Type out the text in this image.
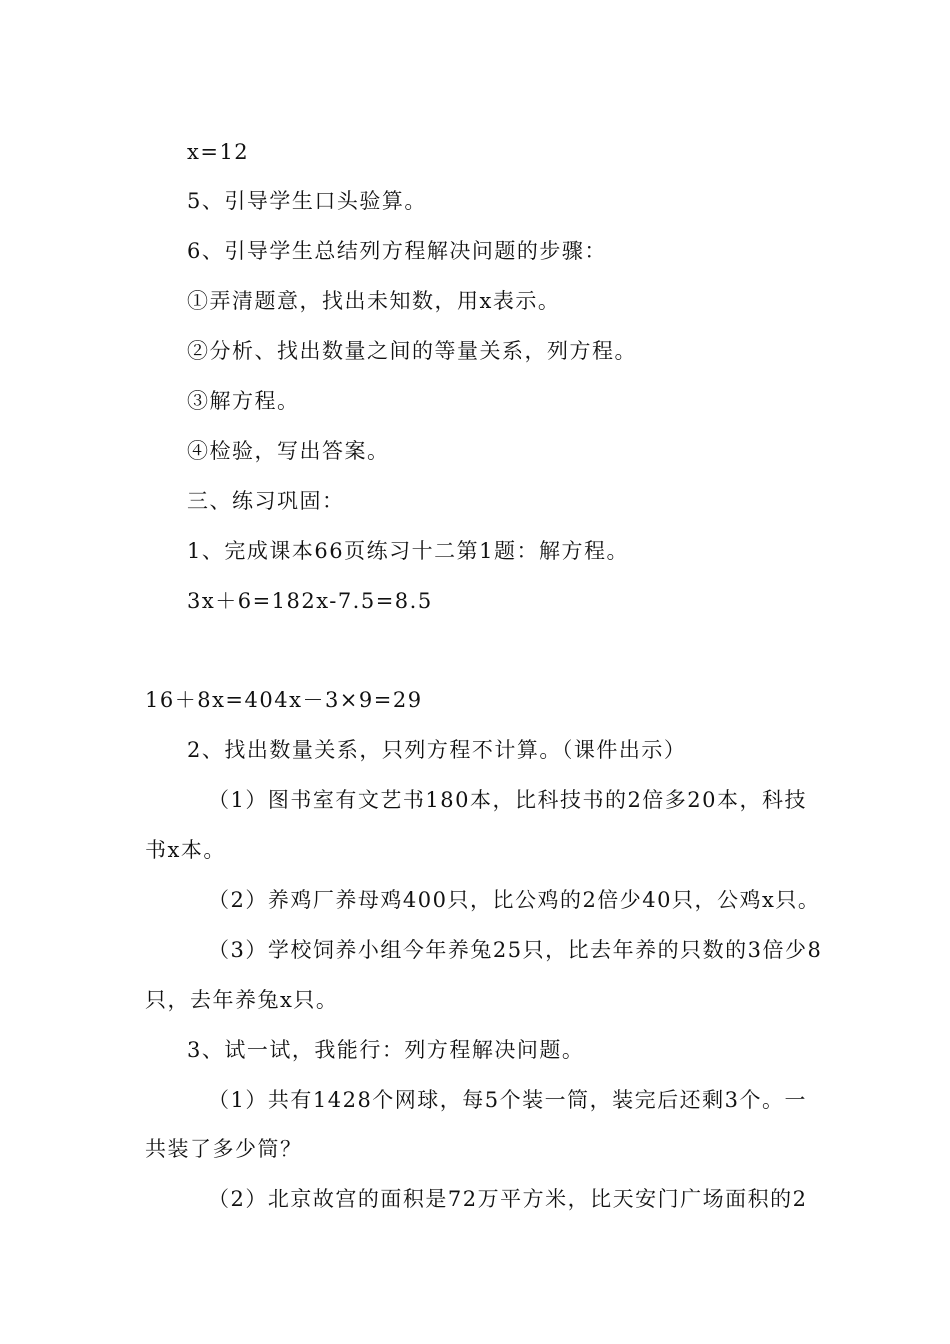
x=12
5、引导学生口头验算。
6、引导学生总结列方程解决问题的步骤：
①弄清题意，找出未知数，用x表示。
②分析、找出数量之间的等量关系，列方程。
③解方程。
④检验，写出答案。
三、练习巩固：
1、完成课本66页练习十二第1题：解方程。
3x＋6=182x-7.5=8.5
16＋8x=404x－3×9=29
2、找出数量关系，只列方程不计算。（课件出示）
（1）图书室有文艺书180本，比科技书的2倍多20本，科技
书x本。
（2）养鸡厂养母鸡400只，比公鸡的2倍少40只，公鸡x只。
（3）学校饲养小组今年养兔25只，比去年养的只数的3倍少8
只，去年养兔x只。
3、试一试，我能行：列方程解决问题。
（1）共有1428个网球，每5个装一筒，装完后还剩3个。一
共装了多少筒？
（2）北京故宫的面积是72万平方米，比天安门广场面积的2
